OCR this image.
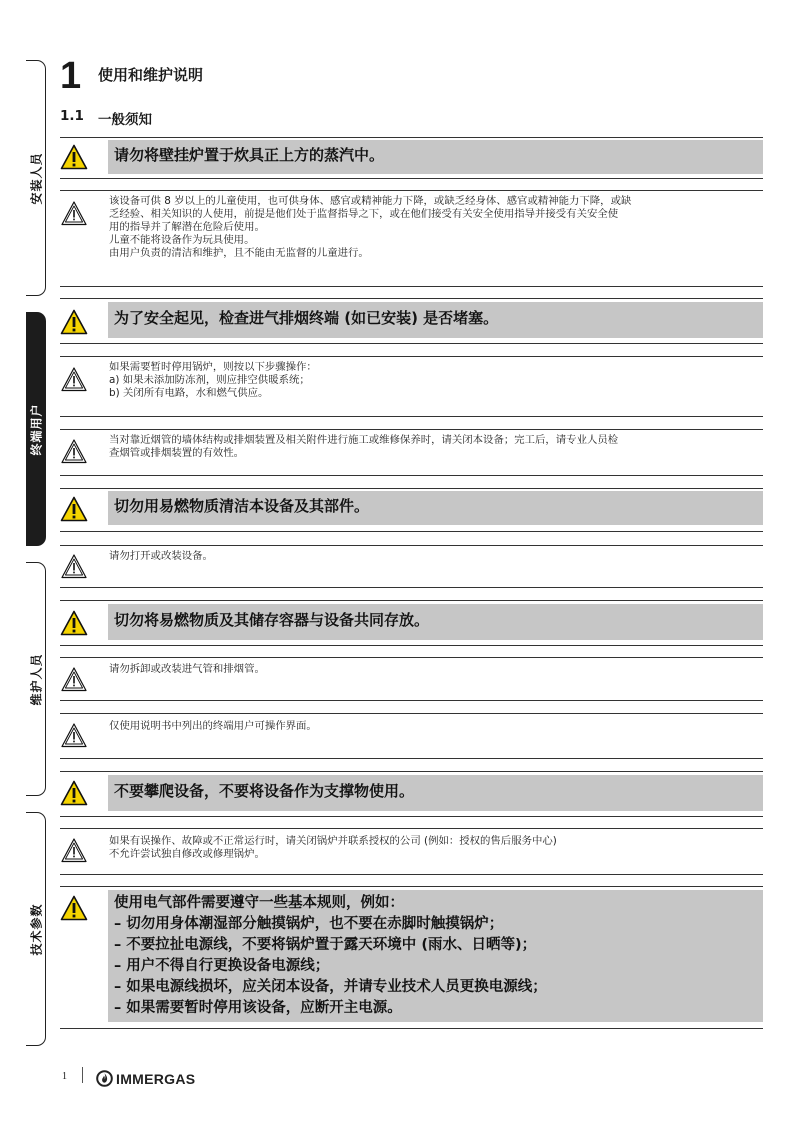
安装人员
终端用户
维护人员
技术参数
1 使用和维护说明
1.1 一般须知
请勿将壁挂炉置于炊具正上方的蒸汽中。
该设备可供 8 岁以上的儿童使用，也可供身体、感官或精神能力下降，或缺乏经身体、感官或精神能力下降，或缺
乏经验、相关知识的人使用，前提是他们处于监督指导之下，或在他们接受有关安全使用指导并接受有关安全使
用的指导并了解潜在危险后使用。
儿童不能将设备作为玩具使用。
由用户负责的清洁和维护，且不能由无监督的儿童进行。
为了安全起见，检查进气排烟终端 (如已安装) 是否堵塞。
如果需要暂时停用锅炉，则按以下步骤操作：
a) 如果未添加防冻剂，则应排空供暖系统；
b) 关闭所有电路，水和燃气供应。
当对靠近烟管的墙体结构或排烟装置及相关附件进行施工或维修保养时，请关闭本设备；完工后，请专业人员检
查烟管或排烟装置的有效性。
切勿用易燃物质清洁本设备及其部件。
请勿打开或改装设备。
切勿将易燃物质及其储存容器与设备共同存放。
请勿拆卸或改装进气管和排烟管。
仅使用说明书中列出的终端用户可操作界面。
不要攀爬设备，不要将设备作为支撑物使用。
如果有误操作、故障或不正常运行时，请关闭锅炉并联系授权的公司 (例如：授权的售后服务中心)
不允许尝试独自修改或修理锅炉。
使用电气部件需要遵守一些基本规则，例如：
– 切勿用身体潮湿部分触摸锅炉，也不要在赤脚时触摸锅炉；
– 不要拉扯电源线，不要将锅炉置于露天环境中 (雨水、日晒等)；
– 用户不得自行更换设备电源线；
– 如果电源线损坏，应关闭本设备，并请专业技术人员更换电源线；
– 如果需要暂时停用该设备，应断开主电源。
1	IMMERGAS
